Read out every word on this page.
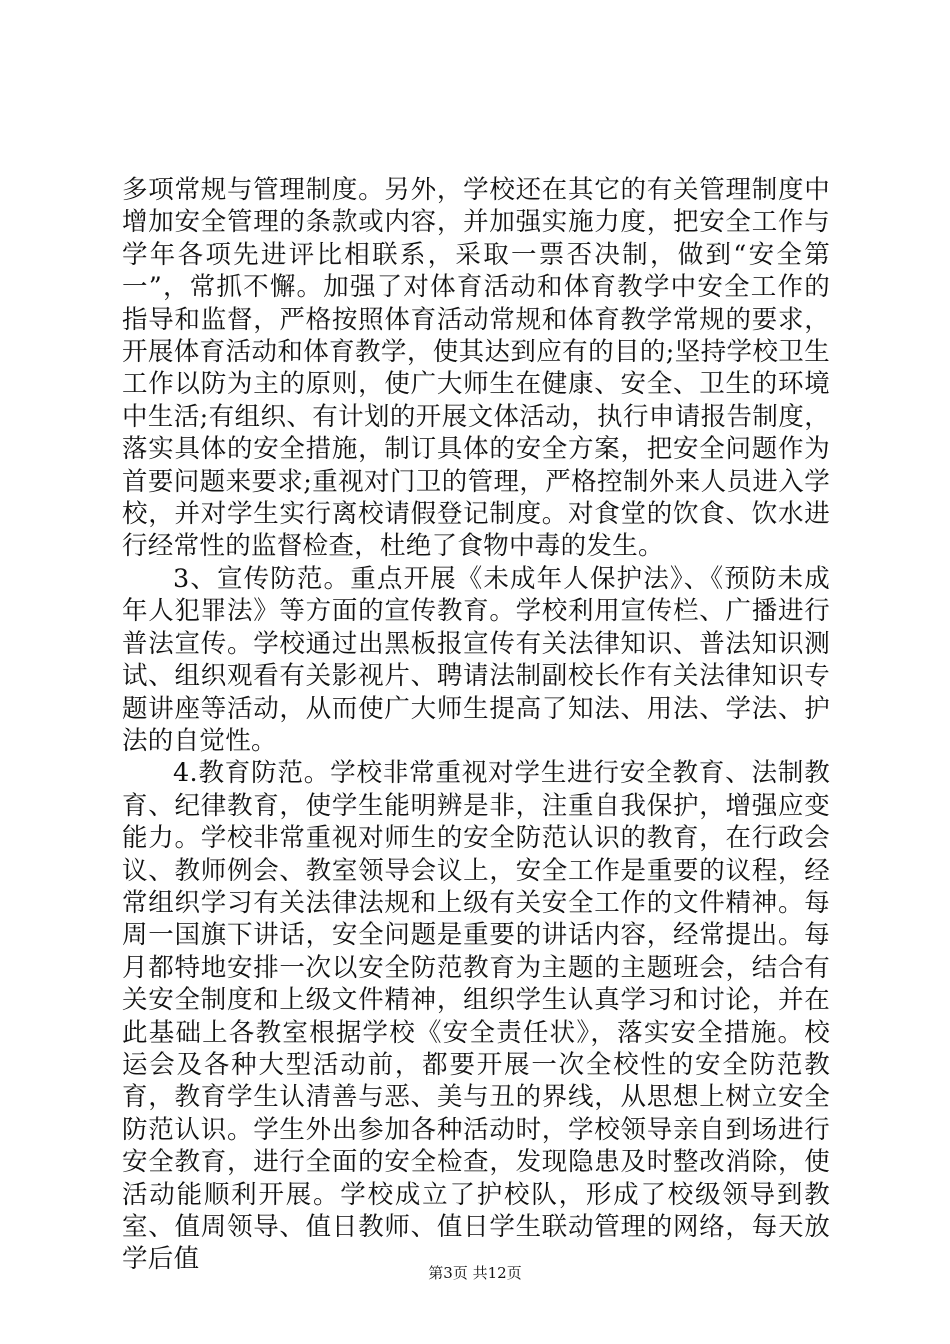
多项常规与管理制度。另外，学校还在其它的有关管理制度中增加安全管理的条款或内容，并加强实施力度，把安全工作与学年各项先进评比相联系，采取一票否决制，做到“安全第一”，常抓不懈。加强了对体育活动和体育教学中安全工作的指导和监督，严格按照体育活动常规和体育教学常规的要求，开展体育活动和体育教学，使其达到应有的目的;坚持学校卫生工作以防为主的原则，使广大师生在健康、安全、卫生的环境中生活;有组织、有计划的开展文体活动，执行申请报告制度，落实具体的安全措施，制订具体的安全方案，把安全问题作为首要问题来要求;重视对门卫的管理，严格控制外来人员进入学校，并对学生实行离校请假登记制度。对食堂的饮食、饮水进行经常性的监督检查，杜绝了食物中毒的发生。

3、宣传防范。重点开展《未成年人保护法》、《预防未成年人犯罪法》等方面的宣传教育。学校利用宣传栏、广播进行普法宣传。学校通过出黑板报宣传有关法律知识、普法知识测试、组织观看有关影视片、聘请法制副校长作有关法律知识专题讲座等活动，从而使广大师生提高了知法、用法、学法、护法的自觉性。

4.教育防范。学校非常重视对学生进行安全教育、法制教育、纪律教育，使学生能明辨是非，注重自我保护，增强应变能力。学校非常重视对师生的安全防范认识的教育，在行政会议、教师例会、教室领导会议上，安全工作是重要的议程，经常组织学习有关法律法规和上级有关安全工作的文件精神。每周一国旗下讲话，安全问题是重要的讲话内容，经常提出。每月都特地安排一次以安全防范教育为主题的主题班会，结合有关安全制度和上级文件精神，组织学生认真学习和讨论，并在此基础上各教室根据学校《安全责任状》，落实安全措施。校运会及各种大型活动前，都要开展一次全校性的安全防范教育，教育学生认清善与恶、美与丑的界线，从思想上树立安全防范认识。学生外出参加各种活动时，学校领导亲自到场进行安全教育，进行全面的安全检查，发现隐患及时整改消除，使活动能顺利开展。学校成立了护校队，形成了校级领导到教室、值周领导、值日教师、值日学生联动管理的网络，每天放学后值	第3页 共12页
